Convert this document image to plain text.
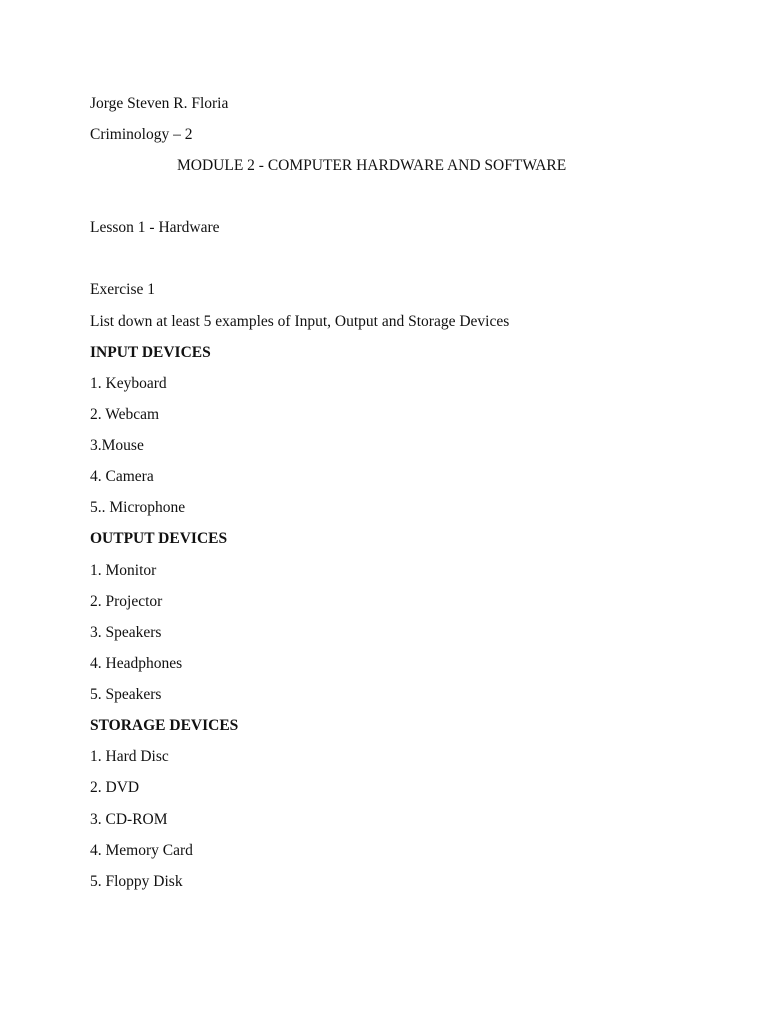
Jorge Steven R. Floria
Criminology – 2
MODULE 2 - COMPUTER HARDWARE AND SOFTWARE
Lesson 1 - Hardware
Exercise 1
List down at least 5 examples of Input, Output and Storage Devices
INPUT DEVICES
1. Keyboard
2. Webcam
3.Mouse
4. Camera
5.. Microphone
OUTPUT DEVICES
1. Monitor
2. Projector
3. Speakers
4. Headphones
5. Speakers
STORAGE DEVICES
1. Hard Disc
2. DVD
3. CD-ROM
4. Memory Card
5. Floppy Disk
